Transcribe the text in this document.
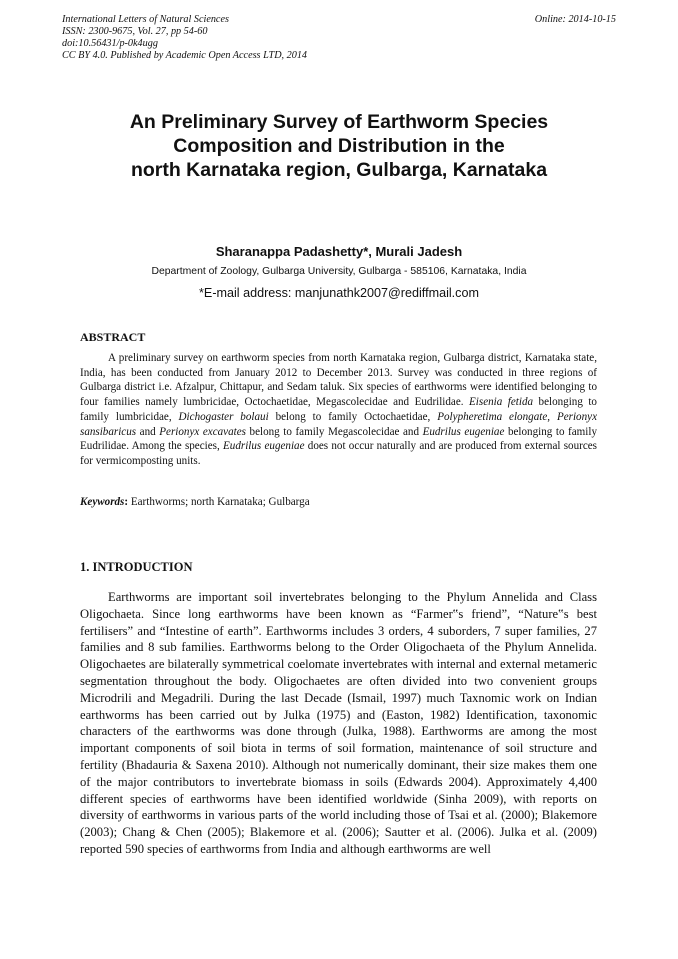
International Letters of Natural Sciences
ISSN: 2300-9675, Vol. 27, pp 54-60
doi:10.56431/p-0k4ugg
CC BY 4.0. Published by Academic Open Access LTD, 2014
Online: 2014-10-15
An Preliminary Survey of Earthworm Species
Composition and Distribution in the
north Karnataka region, Gulbarga, Karnataka
Sharanappa Padashetty*, Murali Jadesh
Department of Zoology, Gulbarga University, Gulbarga - 585106, Karnataka, India
*E-mail address: manjunathk2007@rediffmail.com
ABSTRACT
A preliminary survey on earthworm species from north Karnataka region, Gulbarga district, Karnataka state, India, has been conducted from January 2012 to December 2013. Survey was conducted in three regions of Gulbarga district i.e. Afzalpur, Chittapur, and Sedam taluk. Six species of earthworms were identified belonging to four families namely lumbricidae, Octochaetidae, Megascolecidae and Eudrilidae. Eisenia fetida belonging to family lumbricidae, Dichogaster bolaui belong to family Octochaetidae, Polypheretima elongate, Perionyx sansibaricus and Perionyx excavates belong to family Megascolecidae and Eudrilus eugeniae belonging to family Eudrilidae. Among the species, Eudrilus eugeniae does not occur naturally and are produced from external sources for vermicomposting units.
Keywords: Earthworms; north Karnataka; Gulbarga
1. INTRODUCTION
Earthworms are important soil invertebrates belonging to the Phylum Annelida and Class Oligochaeta. Since long earthworms have been known as “Farmer‟s friend”, “Nature‟s best fertilisers” and “Intestine of earth”. Earthworms includes 3 orders, 4 suborders, 7 super families, 27 families and 8 sub families. Earthworms belong to the Order Oligochaeta of the Phylum Annelida. Oligochaetes are bilaterally symmetrical coelomate invertebrates with internal and external metameric segmentation throughout the body. Oligochaetes are often divided into two convenient groups Microdrili and Megadrili. During the last Decade (Ismail, 1997) much Taxnomic work on Indian earthworms has been carried out by Julka (1975) and (Easton, 1982) Identification, taxonomic characters of the earthworms was done through (Julka, 1988). Earthworms are among the most important components of soil biota in terms of soil formation, maintenance of soil structure and fertility (Bhadauria & Saxena 2010). Although not numerically dominant, their size makes them one of the major contributors to invertebrate biomass in soils (Edwards 2004). Approximately 4,400 different species of earthworms have been identified worldwide (Sinha 2009), with reports on diversity of earthworms in various parts of the world including those of Tsai et al. (2000); Blakemore (2003); Chang & Chen (2005); Blakemore et al. (2006); Sautter et al. (2006). Julka et al. (2009) reported 590 species of earthworms from India and although earthworms are well
